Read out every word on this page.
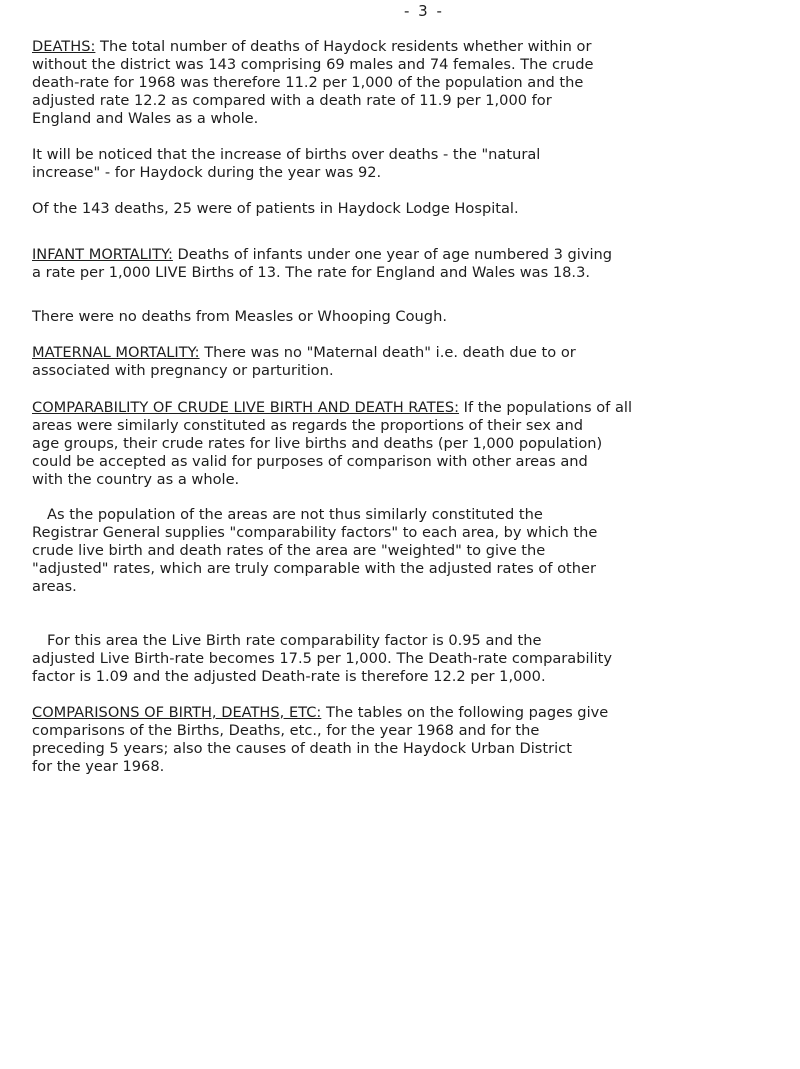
- 3 -
DEATHS: The total number of deaths of Haydock residents whether within or
without the district was 143 comprising 69 males and 74 females. The crude
death-rate for 1968 was therefore 11.2 per 1,000 of the population and the
adjusted rate 12.2 as compared with a death rate of 11.9 per 1,000 for
England and Wales as a whole.
It will be noticed that the increase of births over deaths - the "natural
increase" - for Haydock during the year was 92.
Of the 143 deaths, 25 were of patients in Haydock Lodge Hospital.
INFANT MORTALITY: Deaths of infants under one year of age numbered 3 giving
a rate per 1,000 LIVE Births of 13. The rate for England and Wales was 18.3.
There were no deaths from Measles or Whooping Cough.
MATERNAL MORTALITY: There was no "Maternal death" i.e. death due to or
associated with pregnancy or parturition.
COMPARABILITY OF CRUDE LIVE BIRTH AND DEATH RATES: If the populations of all
areas were similarly constituted as regards the proportions of their sex and
age groups, their crude rates for live births and deaths (per 1,000 population)
could be accepted as valid for purposes of comparison with other areas and
with the country as a whole.
As the population of the areas are not thus similarly constituted the
Registrar General supplies "comparability factors" to each area, by which the
crude live birth and death rates of the area are "weighted" to give the
"adjusted" rates, which are truly comparable with the adjusted rates of other
areas.
For this area the Live Birth rate comparability factor is 0.95 and the
adjusted Live Birth-rate becomes 17.5 per 1,000. The Death-rate comparability
factor is 1.09 and the adjusted Death-rate is therefore 12.2 per 1,000.
COMPARISONS OF BIRTH, DEATHS, ETC: The tables on the following pages give
comparisons of the Births, Deaths, etc., for the year 1968 and for the
preceding 5 years; also the causes of death in the Haydock Urban District
for the year 1968.
